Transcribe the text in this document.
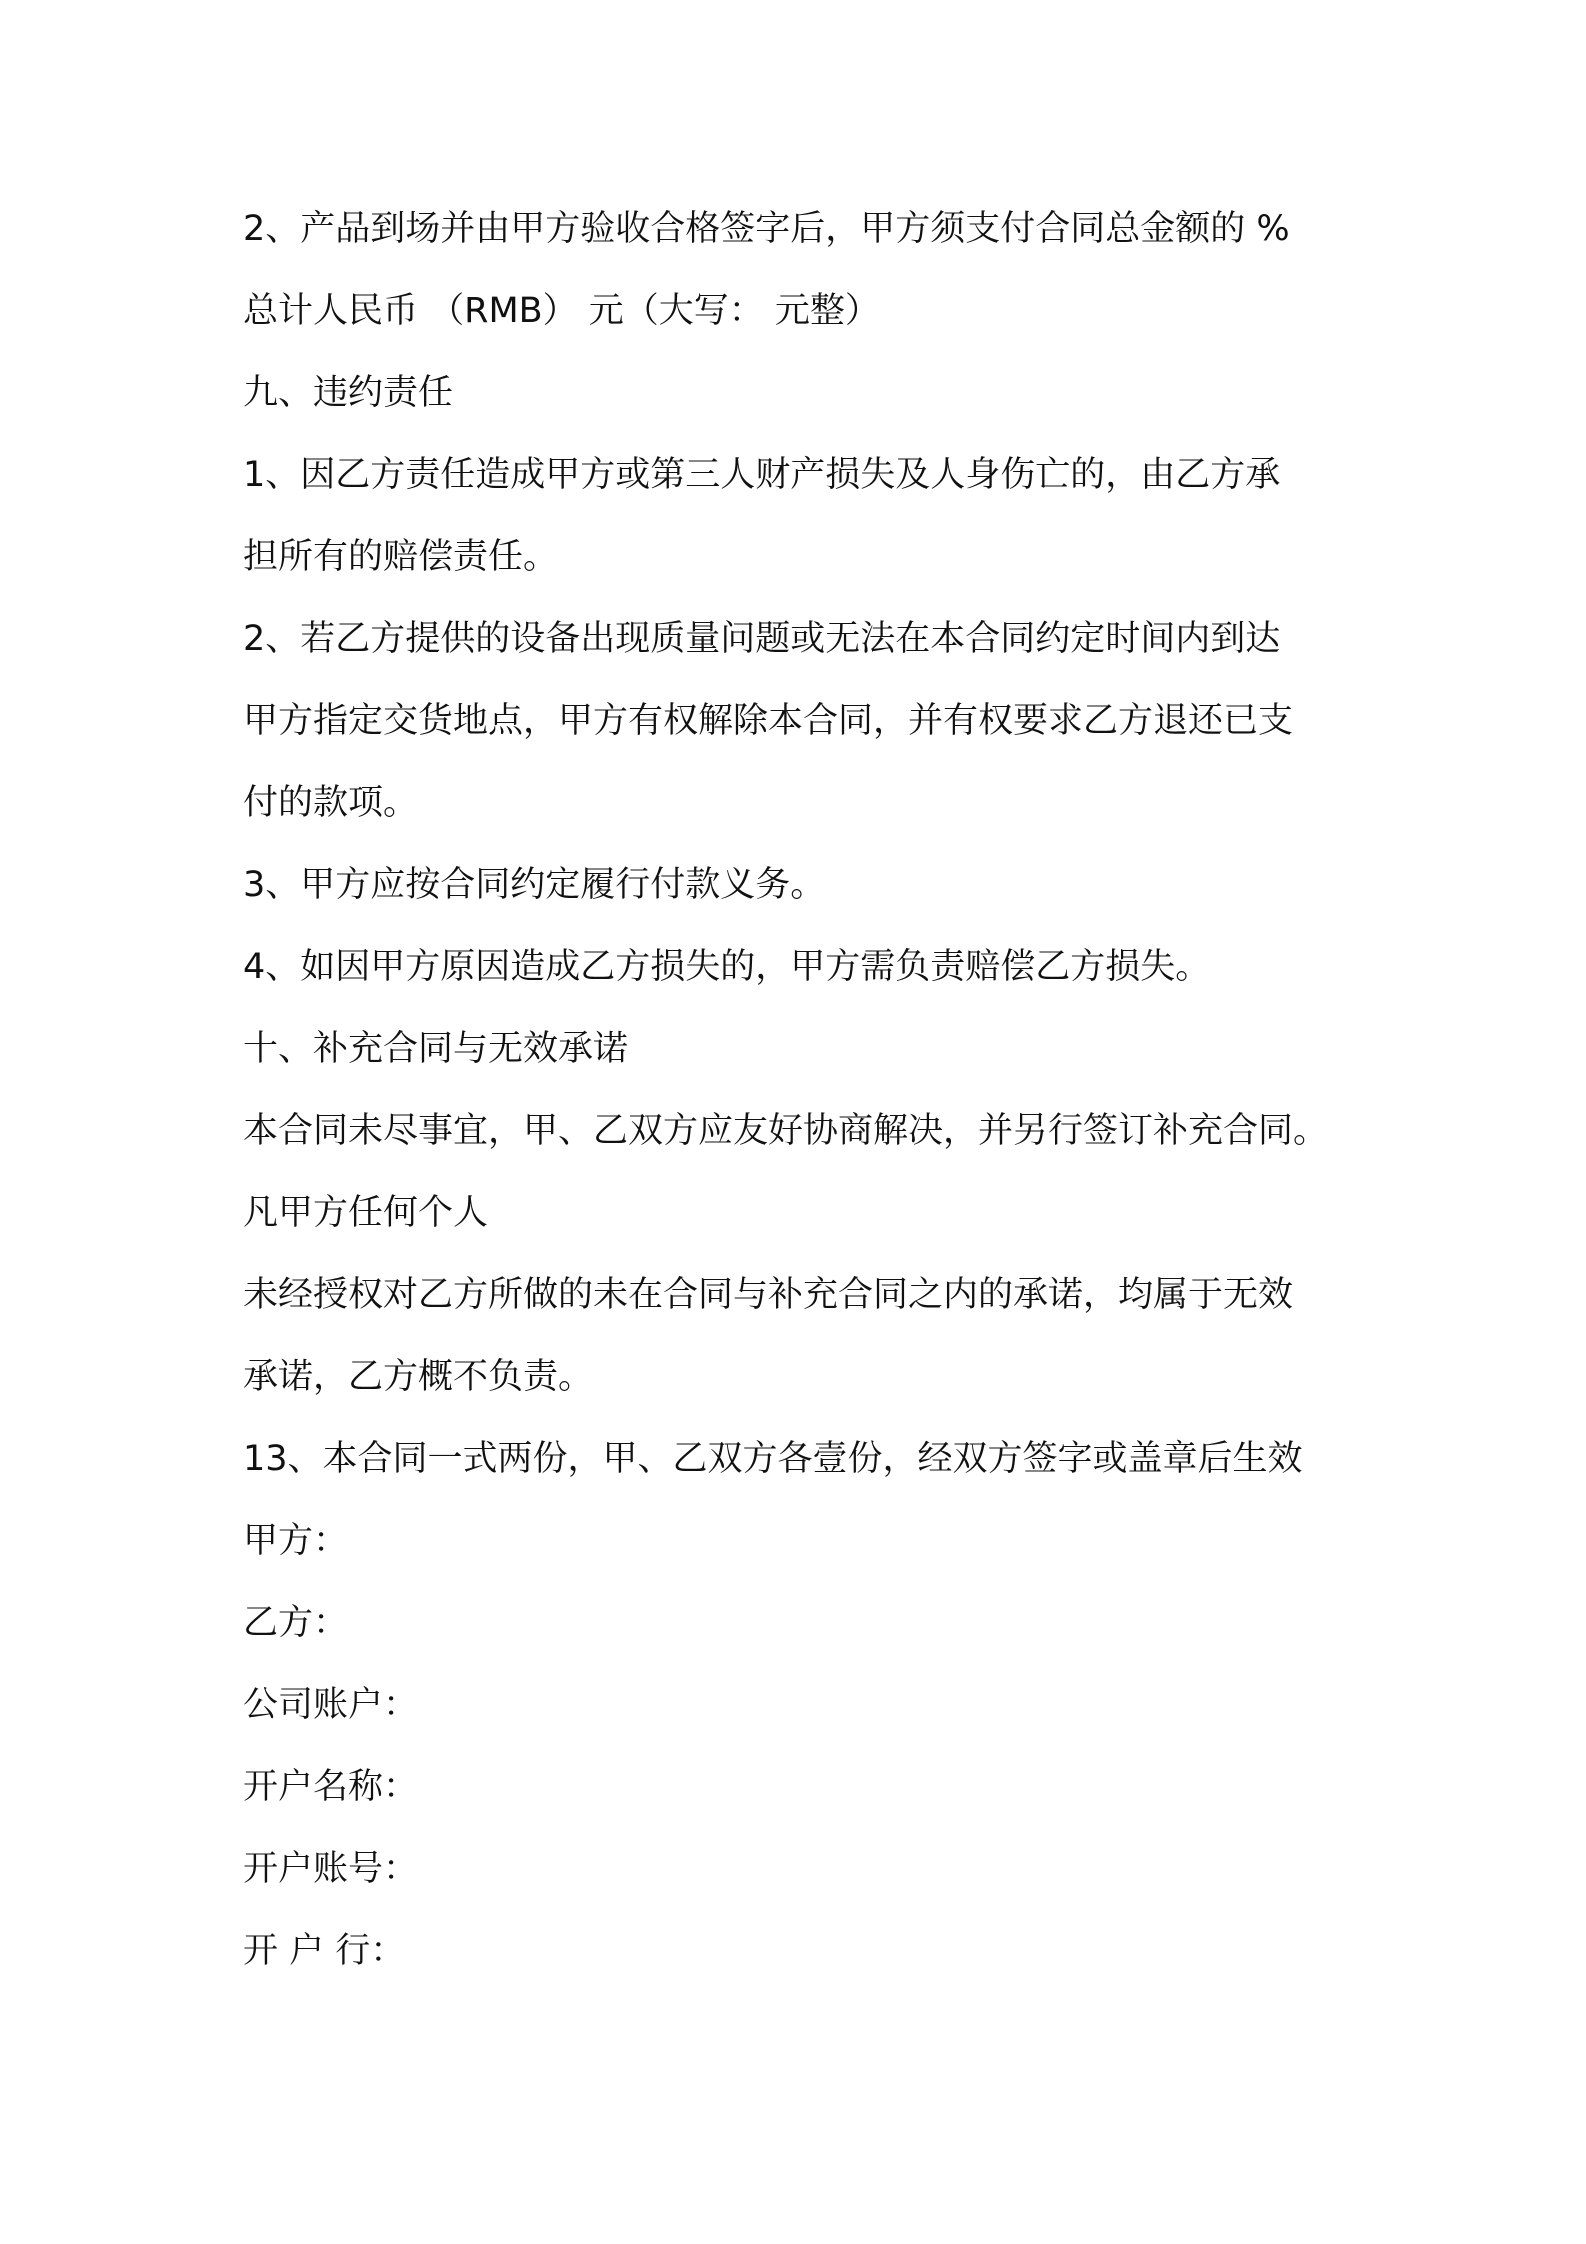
2、产品到场并由甲方验收合格签字后，甲方须支付合同总金额的 %
总计人民币 （RMB） 元（大写： 元整）
九、违约责任
1、因乙方责任造成甲方或第三人财产损失及人身伤亡的，由乙方承
担所有的赔偿责任。
2、若乙方提供的设备出现质量问题或无法在本合同约定时间内到达
甲方指定交货地点，甲方有权解除本合同，并有权要求乙方退还已支
付的款项。
3、甲方应按合同约定履行付款义务。
4、如因甲方原因造成乙方损失的，甲方需负责赔偿乙方损失。
十、补充合同与无效承诺
本合同未尽事宜，甲、乙双方应友好协商解决，并另行签订补充合同。
凡甲方任何个人
未经授权对乙方所做的未在合同与补充合同之内的承诺，均属于无效
承诺，乙方概不负责。
13、本合同一式两份，甲、乙双方各壹份，经双方签字或盖章后生效
甲方：
乙方：
公司账户：
开户名称：
开户账号：
开 户 行：
